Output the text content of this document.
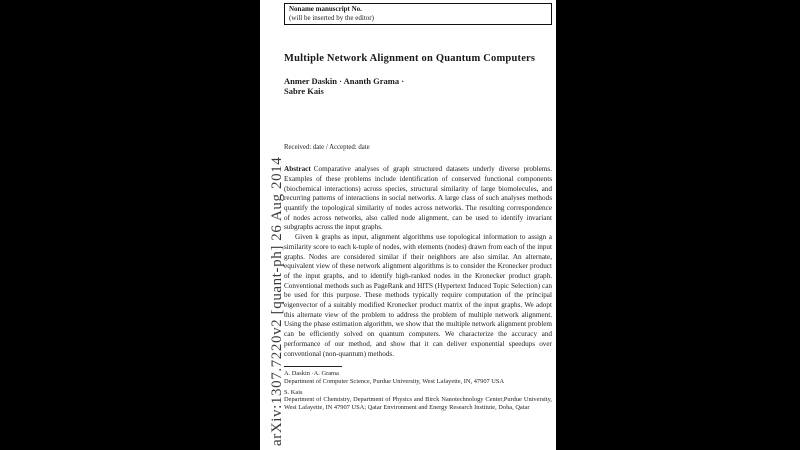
arXiv:1307.7220v2 [quant-ph] 26 Aug 2014
Noname manuscript No.
(will be inserted by the editor)
Multiple Network Alignment on Quantum Computers
Anmer Daskin · Ananth Grama ·
Sabre Kais
Received: date / Accepted: date

Abstract Comparative analyses of graph structured datasets underly diverse problems. Examples of these problems include identification of conserved functional components (biochemical interactions) across species, structural similarity of large biomolecules, and recurring patterns of interactions in social networks. A large class of such analyses methods quantify the topological similarity of nodes across networks. The resulting correspondence of nodes across networks, also called node alignment, can be used to identify invariant subgraphs across the input graphs.

Given k graphs as input, alignment algorithms use topological information to assign a similarity score to each k-tuple of nodes, with elements (nodes) drawn from each of the input graphs. Nodes are considered similar if their neighbors are also similar. An alternate, equivalent view of these network alignment algorithms is to consider the Kronecker product of the input graphs, and to identify high-ranked nodes in the Kronecker product graph. Conventional methods such as PageRank and HITS (Hypertext Induced Topic Selection) can be used for this purpose. These methods typically require computation of the principal eigenvector of a suitably modified Kronecker product matrix of the input graphs. We adopt this alternate view of the problem to address the problem of multiple network alignment. Using the phase estimation algorithm, we show that the multiple network alignment problem can be efficiently solved on quantum computers. We characterize the accuracy and performance of our method, and show that it can deliver exponential speedups over conventional (non-quantum) methods.

A. Daskin ·A. Grama
Department of Computer Science, Purdue University, West Lafayette, IN, 47907 USA
S. Kais
Department of Chemistry, Department of Physics and Birck Nanotechnology Center,Purdue University, West Lafayette, IN 47907 USA; Qatar Environment and Energy Research Institute, Doha, Qatar
